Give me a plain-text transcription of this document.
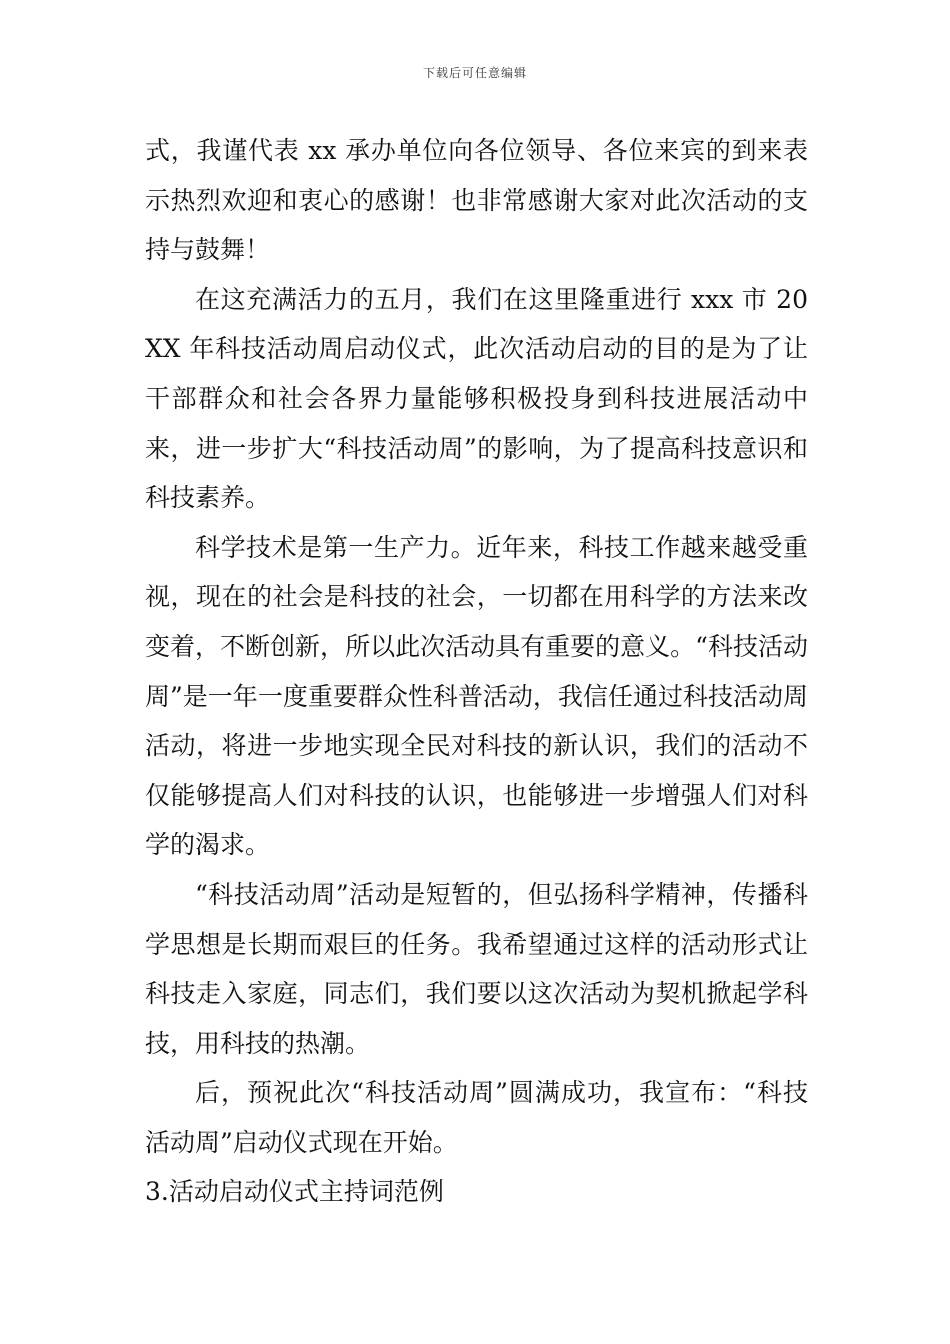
下载后可任意编辑

式，我谨代表 xx 承办单位向各位领导、各位来宾的到来表示热烈欢迎和衷心的感谢！也非常感谢大家对此次活动的支持与鼓舞！

在这充满活力的五月，我们在这里隆重进行 xxx 市 20XX 年科技活动周启动仪式，此次活动启动的目的是为了让干部群众和社会各界力量能够积极投身到科技进展活动中来，进一步扩大“科技活动周”的影响，为了提高科技意识和科技素养。

科学技术是第一生产力。近年来，科技工作越来越受重视，现在的社会是科技的社会，一切都在用科学的方法来改变着，不断创新，所以此次活动具有重要的意义。“科技活动周”是一年一度重要群众性科普活动，我信任通过科技活动周活动，将进一步地实现全民对科技的新认识，我们的活动不仅能够提高人们对科技的认识，也能够进一步增强人们对科学的渴求。

“科技活动周”活动是短暂的，但弘扬科学精神，传播科学思想是长期而艰巨的任务。我希望通过这样的活动形式让科技走入家庭，同志们，我们要以这次活动为契机掀起学科技，用科技的热潮。

后，预祝此次“科技活动周”圆满成功，我宣布：“科技活动周”启动仪式现在开始。

3.活动启动仪式主持词范例
